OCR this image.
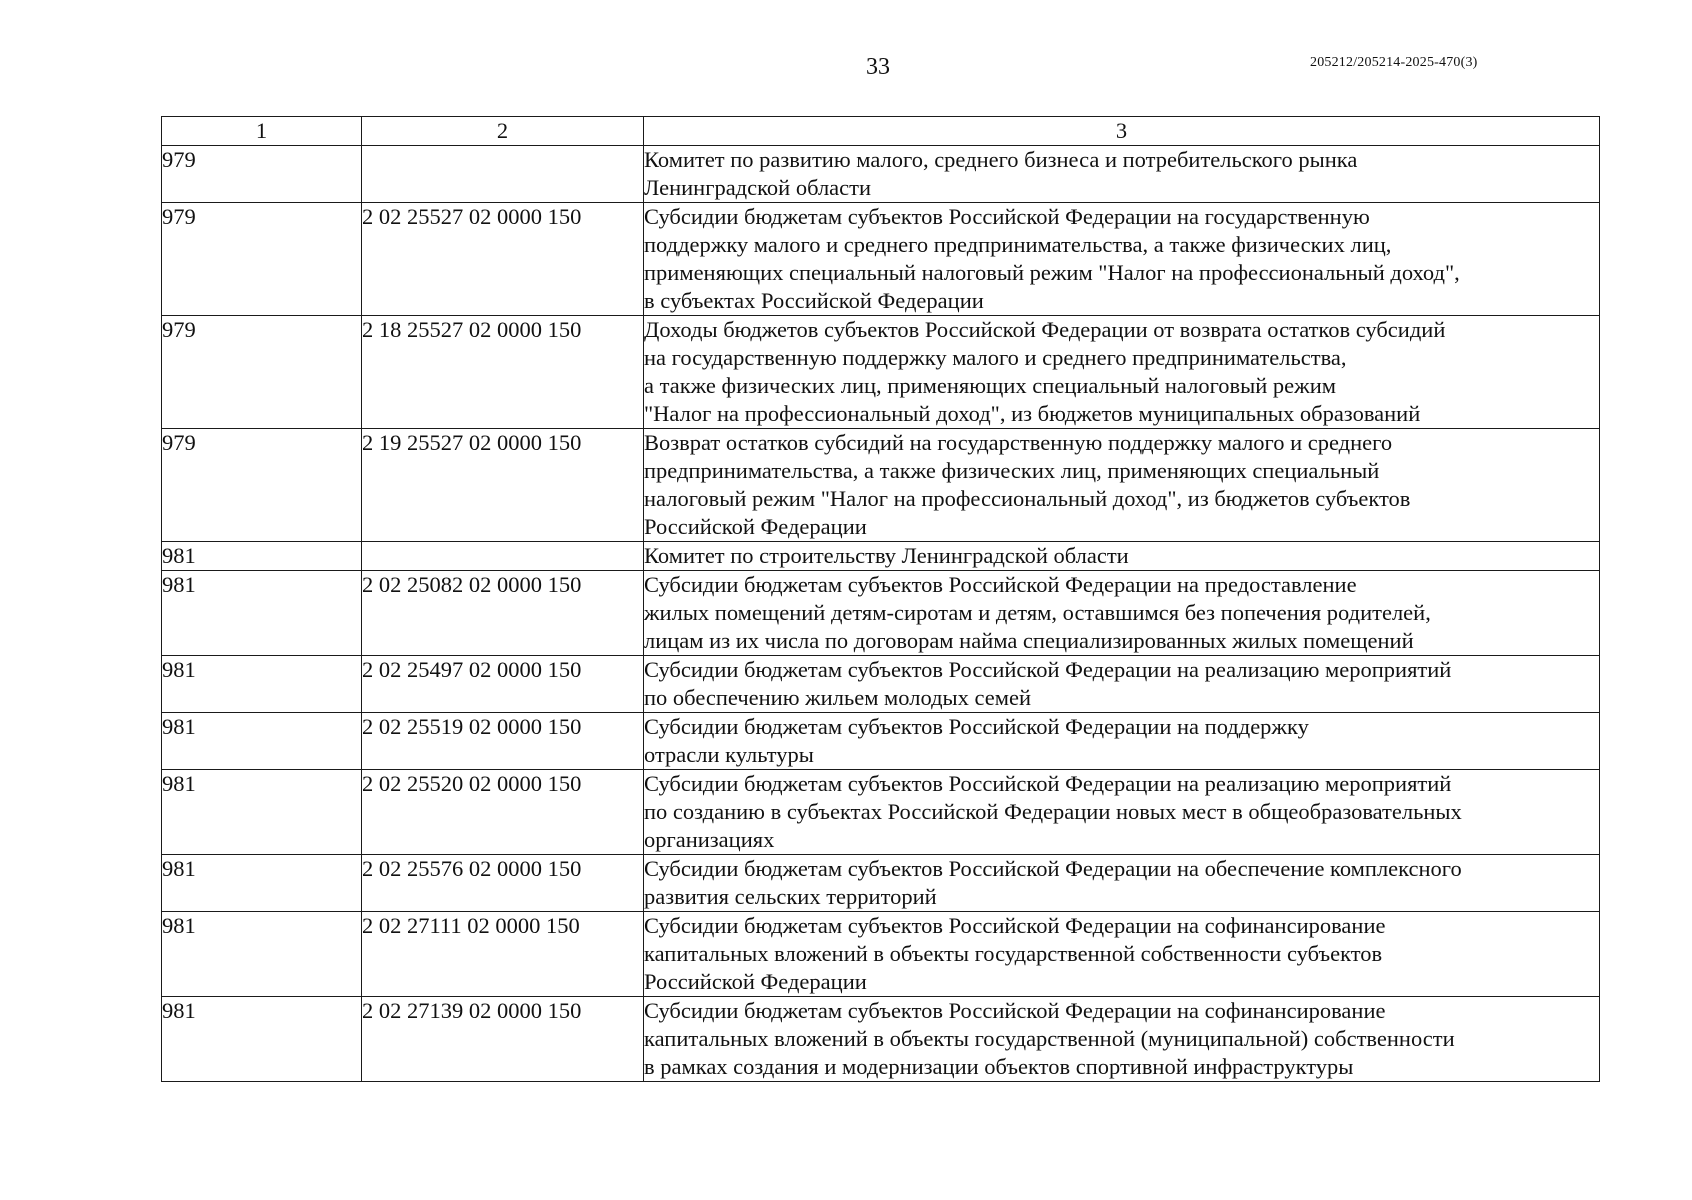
33	205212/205214-2025-470(3)
1	2	3
979		Комитет по развитию малого, среднего бизнеса и потребительского рынка
Ленинградской области

979	2 02 25527 02 0000 150	Субсидии бюджетам субъектов Российской Федерации на государственную
поддержку малого и среднего предпринимательства, а также физических лиц,
применяющих специальный налоговый режим "Налог на профессиональный доход",
в субъектах Российской Федерации

979	2 18 25527 02 0000 150	Доходы бюджетов субъектов Российской Федерации от возврата остатков субсидий
на государственную поддержку малого и среднего предпринимательства,
а также физических лиц, применяющих специальный налоговый режим
"Налог на профессиональный доход", из бюджетов муниципальных образований

979	2 19 25527 02 0000 150	Возврат остатков субсидий на государственную поддержку малого и среднего
предпринимательства, а также физических лиц, применяющих специальный
налоговый режим "Налог на профессиональный доход", из бюджетов субъектов
Российской Федерации

981		Комитет по строительству Ленинградской области

981	2 02 25082 02 0000 150	Субсидии бюджетам субъектов Российской Федерации на предоставление
жилых помещений детям-сиротам и детям, оставшимся без попечения родителей,
лицам из их числа по договорам найма специализированных жилых помещений

981	2 02 25497 02 0000 150	Субсидии бюджетам субъектов Российской Федерации на реализацию мероприятий
по обеспечению жильем молодых семей

981	2 02 25519 02 0000 150	Субсидии бюджетам субъектов Российской Федерации на поддержку
отрасли культуры

981	2 02 25520 02 0000 150	Субсидии бюджетам субъектов Российской Федерации на реализацию мероприятий
по созданию в субъектах Российской Федерации новых мест в общеобразовательных
организациях

981	2 02 25576 02 0000 150	Субсидии бюджетам субъектов Российской Федерации на обеспечение комплексного
развития сельских территорий

981	2 02 27111 02 0000 150	Субсидии бюджетам субъектов Российской Федерации на софинансирование
капитальных вложений в объекты государственной собственности субъектов
Российской Федерации

981	2 02 27139 02 0000 150	Субсидии бюджетам субъектов Российской Федерации на софинансирование
капитальных вложений в объекты государственной (муниципальной) собственности
в рамках создания и модернизации объектов спортивной инфраструктуры
